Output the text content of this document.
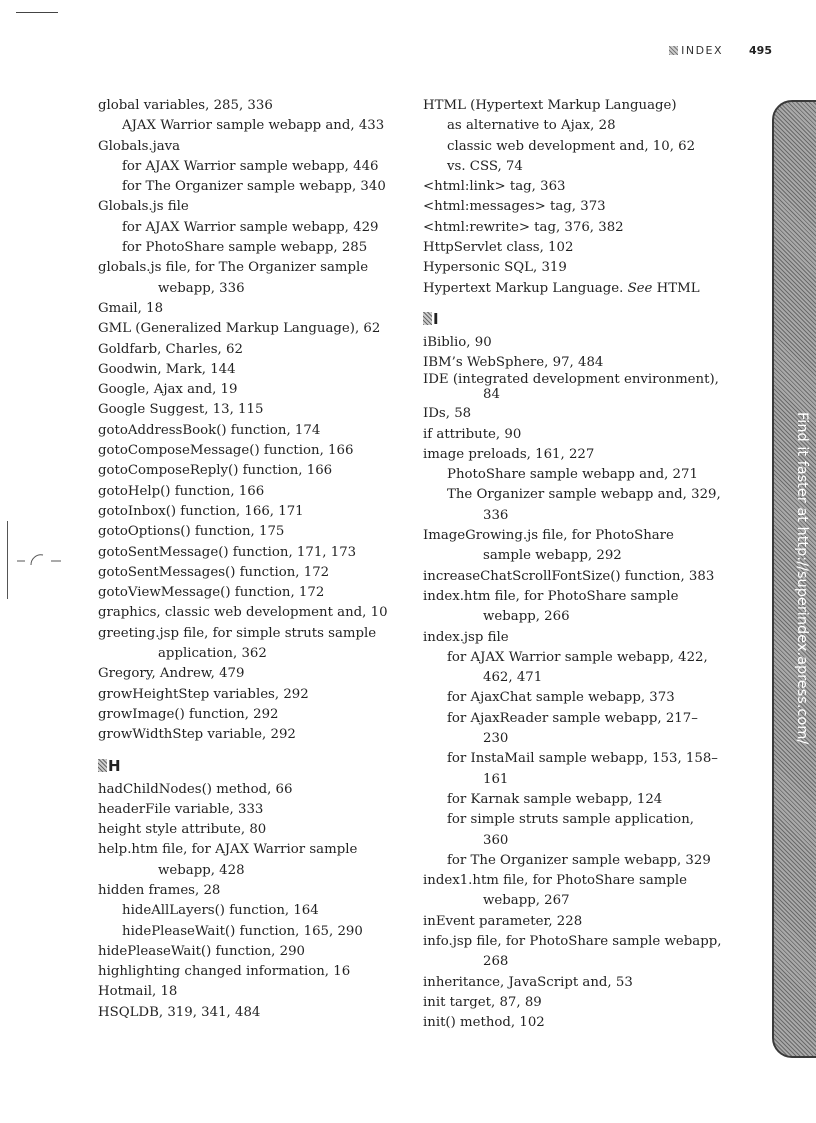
INDEX 495
global variables, 285, 336
AJAX Warrior sample webapp and, 433
Globals.java
for AJAX Warrior sample webapp, 446
for The Organizer sample webapp, 340
Globals.js file
for AJAX Warrior sample webapp, 429
for PhotoShare sample webapp, 285
globals.js file, for The Organizer sample webapp, 336
Gmail, 18
GML (Generalized Markup Language), 62
Goldfarb, Charles, 62
Goodwin, Mark, 144
Google, Ajax and, 19
Google Suggest, 13, 115
gotoAddressBook() function, 174
gotoComposeMessage() function, 166
gotoComposeReply() function, 166
gotoHelp() function, 166
gotoInbox() function, 166, 171
gotoOptions() function, 175
gotoSentMessage() function, 171, 173
gotoSentMessages() function, 172
gotoViewMessage() function, 172
graphics, classic web development and, 10
greeting.jsp file, for simple struts sample application, 362
Gregory, Andrew, 479
growHeightStep variables, 292
growImage() function, 292
growWidthStep variable, 292
H
hadChildNodes() method, 66
headerFile variable, 333
height style attribute, 80
help.htm file, for AJAX Warrior sample webapp, 428
hidden frames, 28
hideAllLayers() function, 164
hidePleaseWait() function, 165, 290
hidePleaseWait() function, 290
highlighting changed information, 16
Hotmail, 18
HSQLDB, 319, 341, 484
HTML (Hypertext Markup Language)
as alternative to Ajax, 28
classic web development and, 10, 62
vs. CSS, 74
<html:link> tag, 363
<html:messages> tag, 373
<html:rewrite> tag, 376, 382
HttpServlet class, 102
Hypersonic SQL, 319
Hypertext Markup Language. See HTML
I
iBiblio, 90
IBM’s WebSphere, 97, 484
IDE (integrated development environment), 84
IDs, 58
if attribute, 90
image preloads, 161, 227
PhotoShare sample webapp and, 271
The Organizer sample webapp and, 329, 336
ImageGrowing.js file, for PhotoShare sample webapp, 292
increaseChatScrollFontSize() function, 383
index.htm file, for PhotoShare sample webapp, 266
index.jsp file
for AJAX Warrior sample webapp, 422, 462, 471
for AjaxChat sample webapp, 373
for AjaxReader sample webapp, 217–230
for InstaMail sample webapp, 153, 158–161
for Karnak sample webapp, 124
for simple struts sample application, 360
for The Organizer sample webapp, 329
index1.htm file, for PhotoShare sample webapp, 267
inEvent parameter, 228
info.jsp file, for PhotoShare sample webapp, 268
inheritance, JavaScript and, 53
init target, 87, 89
init() method, 102
Find it faster at http://superindex.apress.com/
